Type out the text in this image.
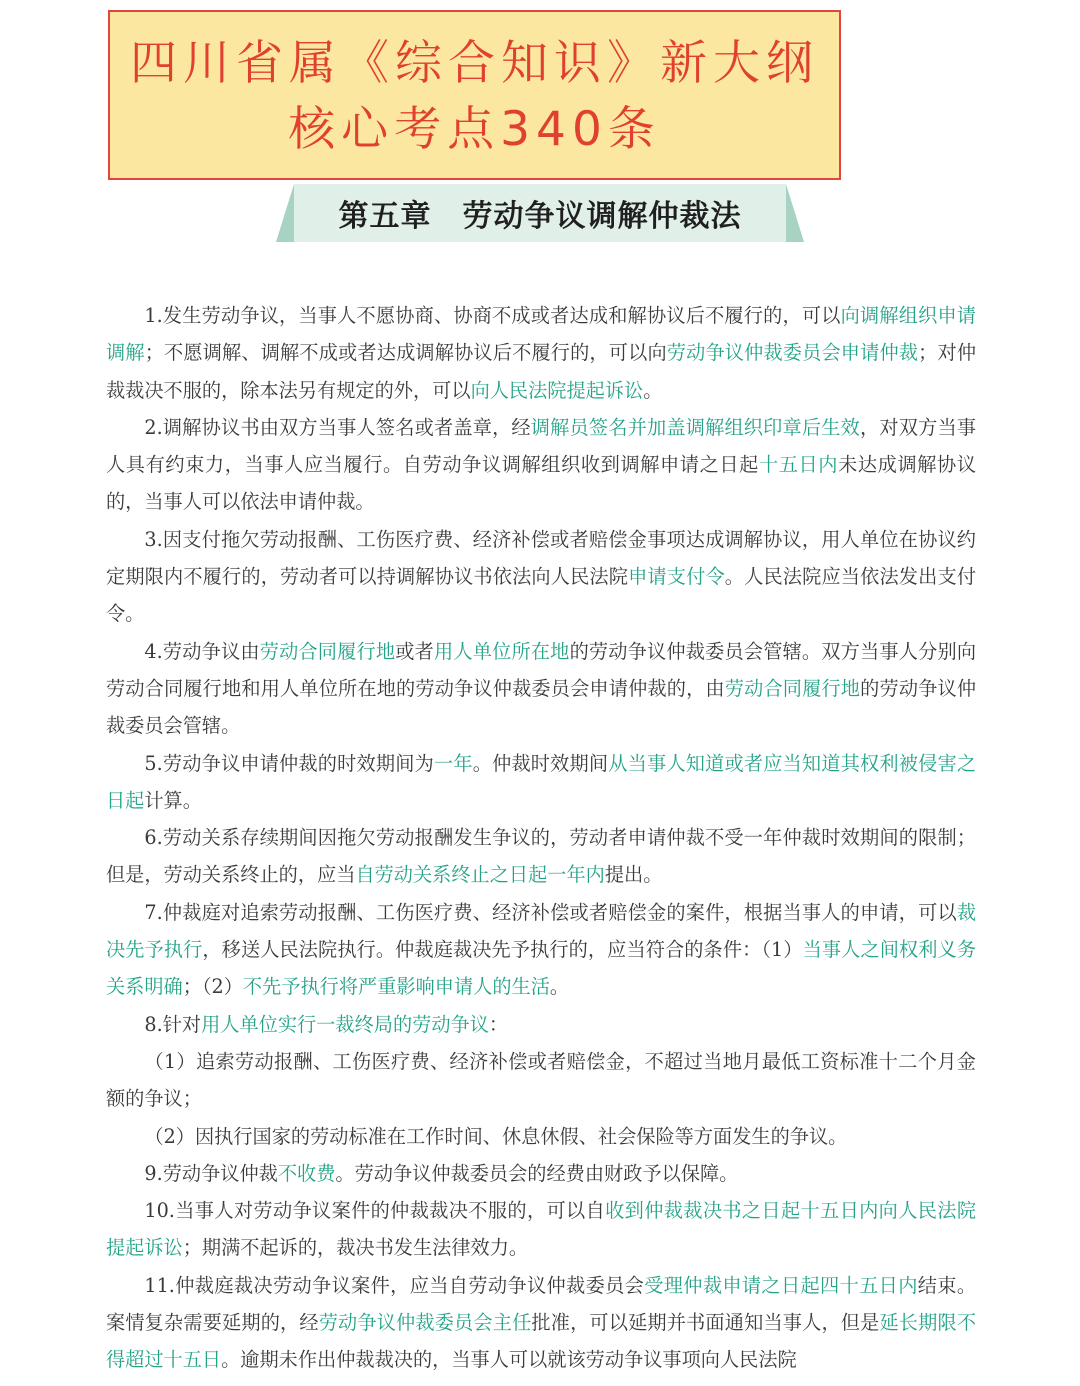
四川省属《综合知识》新大纲
核心考点340条
第五章　劳动争议调解仲裁法

1.发生劳动争议，当事人不愿协商、协商不成或者达成和解协议后不履行的，可以向调解组织申请调解；不愿调解、调解不成或者达成调解协议后不履行的，可以向劳动争议仲裁委员会申请仲裁；对仲裁裁决不服的，除本法另有规定的外，可以向人民法院提起诉讼。

2.调解协议书由双方当事人签名或者盖章，经调解员签名并加盖调解组织印章后生效，对双方当事人具有约束力，当事人应当履行。自劳动争议调解组织收到调解申请之日起十五日内未达成调解协议的，当事人可以依法申请仲裁。

3.因支付拖欠劳动报酬、工伤医疗费、经济补偿或者赔偿金事项达成调解协议，用人单位在协议约定期限内不履行的，劳动者可以持调解协议书依法向人民法院申请支付令。人民法院应当依法发出支付令。

4.劳动争议由劳动合同履行地或者用人单位所在地的劳动争议仲裁委员会管辖。双方当事人分别向劳动合同履行地和用人单位所在地的劳动争议仲裁委员会申请仲裁的，由劳动合同履行地的劳动争议仲裁委员会管辖。

5.劳动争议申请仲裁的时效期间为一年。仲裁时效期间从当事人知道或者应当知道其权利被侵害之日起计算。

6.劳动关系存续期间因拖欠劳动报酬发生争议的，劳动者申请仲裁不受一年仲裁时效期间的限制；但是，劳动关系终止的，应当自劳动关系终止之日起一年内提出。

7.仲裁庭对追索劳动报酬、工伤医疗费、经济补偿或者赔偿金的案件，根据当事人的申请，可以裁决先予执行，移送人民法院执行。仲裁庭裁决先予执行的，应当符合的条件：（1）当事人之间权利义务关系明确；（2）不先予执行将严重影响申请人的生活。

8.针对用人单位实行一裁终局的劳动争议：

（1）追索劳动报酬、工伤医疗费、经济补偿或者赔偿金，不超过当地月最低工资标准十二个月金额的争议；

（2）因执行国家的劳动标准在工作时间、休息休假、社会保险等方面发生的争议。

9.劳动争议仲裁不收费。劳动争议仲裁委员会的经费由财政予以保障。

10.当事人对劳动争议案件的仲裁裁决不服的，可以自收到仲裁裁决书之日起十五日内向人民法院提起诉讼；期满不起诉的，裁决书发生法律效力。

11.仲裁庭裁决劳动争议案件，应当自劳动争议仲裁委员会受理仲裁申请之日起四十五日内结束。案情复杂需要延期的，经劳动争议仲裁委员会主任批准，可以延期并书面通知当事人，但是延长期限不得超过十五日。逾期未作出仲裁裁决的，当事人可以就该劳动争议事项向人民法院
